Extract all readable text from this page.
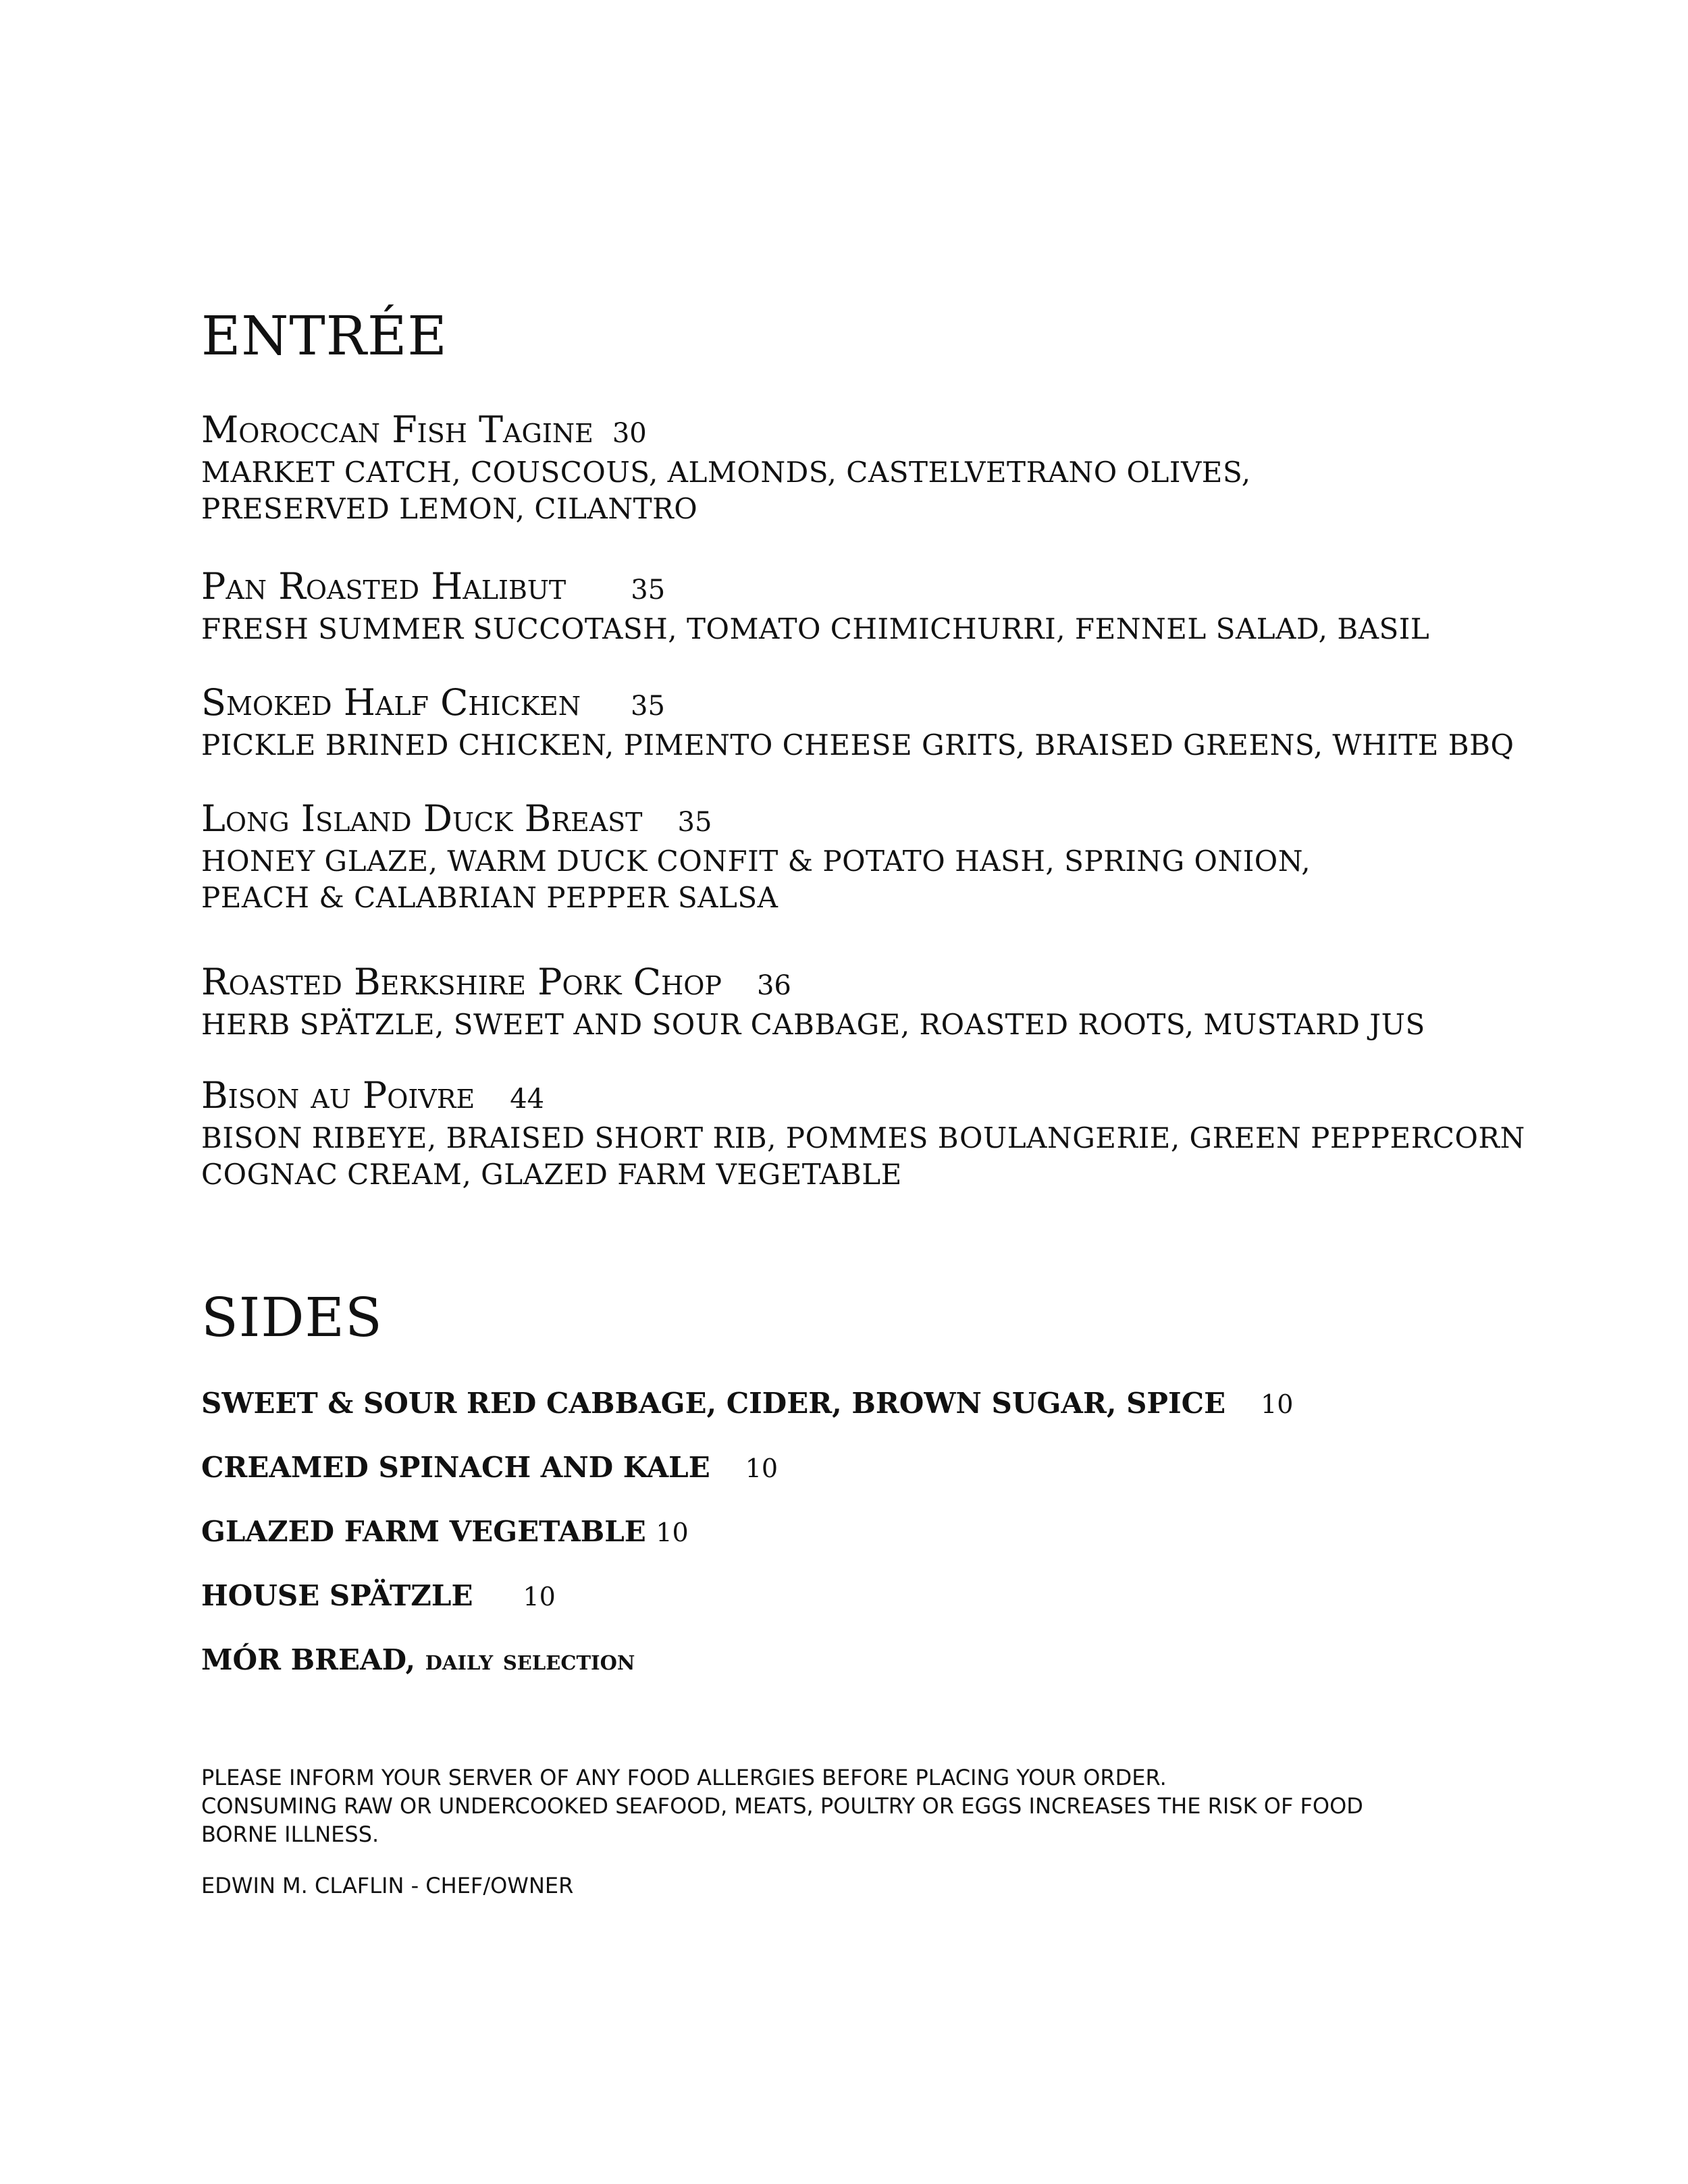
ENTRÉE
Moroccan Fish Tagine 30
MARKET CATCH, COUSCOUS, ALMONDS, CASTELVETRANO OLIVES,
PRESERVED LEMON, CILANTRO
Pan Roasted Halibut 35
FRESH SUMMER SUCCOTASH, TOMATO CHIMICHURRI, FENNEL SALAD, BASIL
Smoked Half Chicken 35
PICKLE BRINED CHICKEN, PIMENTO CHEESE GRITS, BRAISED GREENS, WHITE BBQ
Long Island Duck Breast 35
HONEY GLAZE, WARM DUCK CONFIT & POTATO HASH, SPRING ONION,
PEACH & CALABRIAN PEPPER SALSA
Roasted Berkshire Pork Chop 36
HERB SPÄTZLE, SWEET AND SOUR CABBAGE, ROASTED ROOTS, MUSTARD JUS
Bison au Poivre 44
BISON RIBEYE, BRAISED SHORT RIB, POMMES BOULANGERIE, GREEN PEPPERCORN
COGNAC CREAM, GLAZED FARM VEGETABLE
SIDES
SWEET & SOUR RED CABBAGE, CIDER, BROWN SUGAR, SPICE 10
CREAMED SPINACH AND KALE 10
GLAZED FARM VEGETABLE 10
HOUSE SPÄTZLE 10
MÓR BREAD, daily selection
PLEASE INFORM YOUR SERVER OF ANY FOOD ALLERGIES BEFORE PLACING YOUR ORDER.
CONSUMING RAW OR UNDERCOOKED SEAFOOD, MEATS, POULTRY OR EGGS INCREASES THE RISK OF FOOD
BORNE ILLNESS.
EDWIN M. CLAFLIN - CHEF/OWNER
